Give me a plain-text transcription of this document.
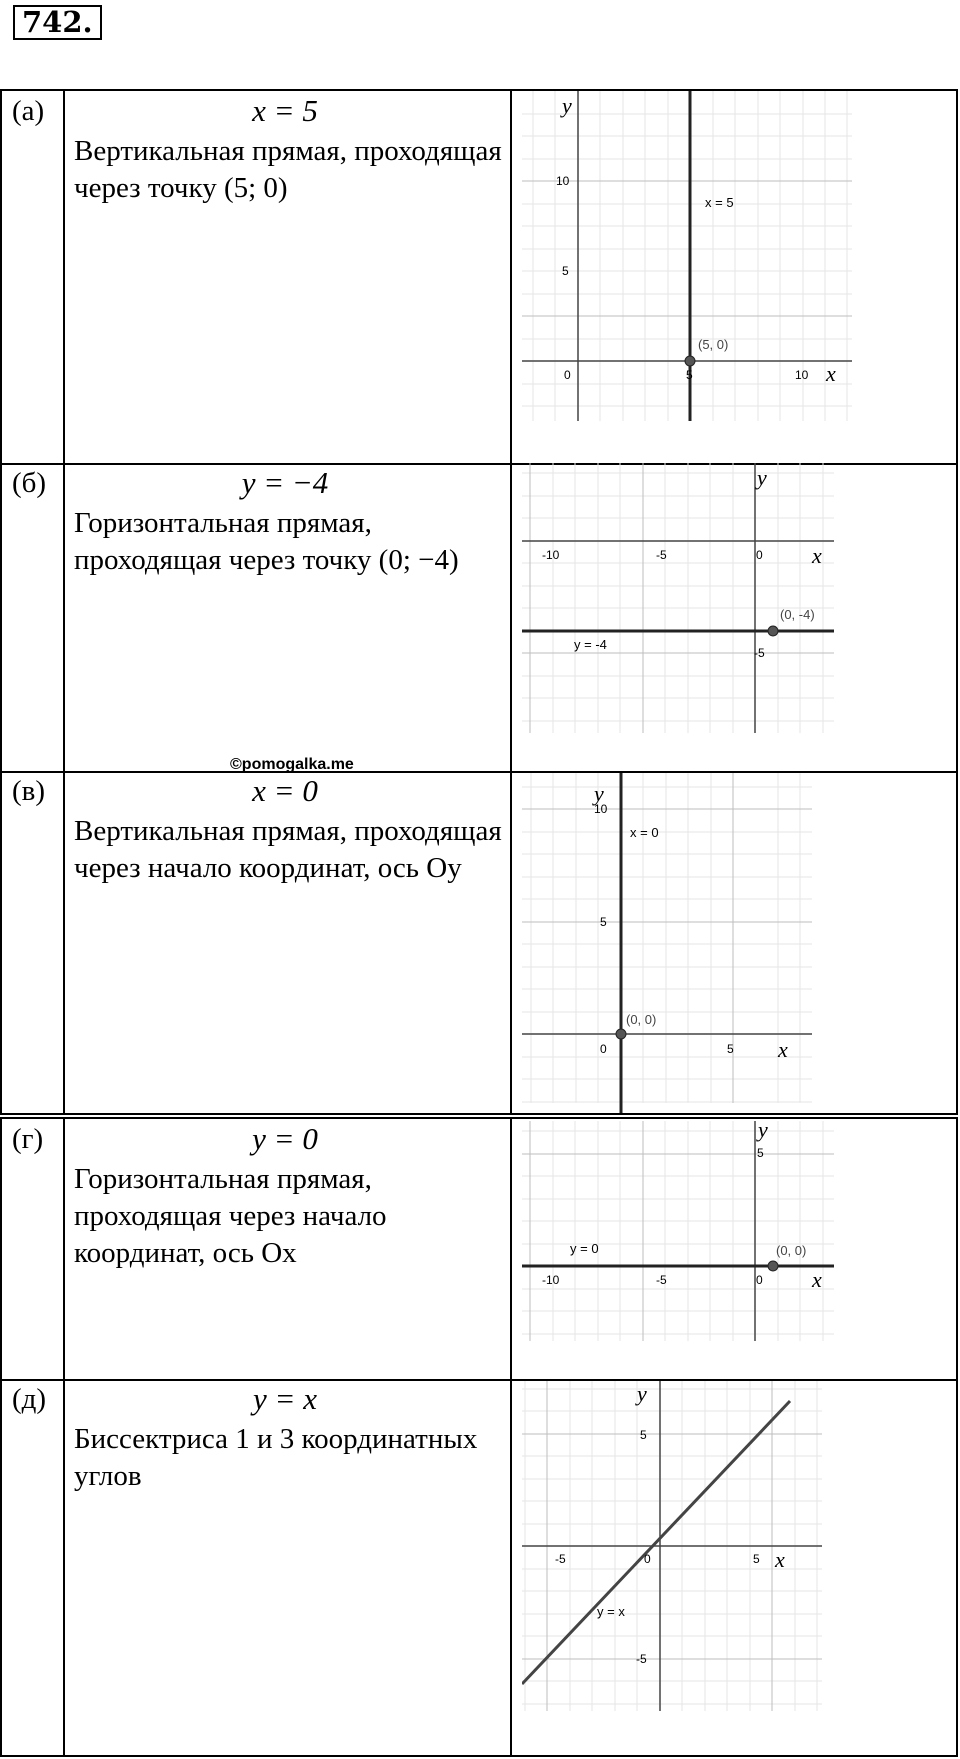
742.
(а)	x = 5
Вертикальная прямая, проходящая через точку (5; 0)
y
x
0	5	10
5
10
x = 5
(5, 0)
(б)	y = −4
Горизонтальная прямая, проходящая через точку (0; −4)
y
x
-10	-5	0
-5
y = -4
(0, -4)
(в)	x = 0
Вертикальная прямая, проходящая через начало координат, ось Oy
y
x
0	5
5
10
x = 0
(0, 0)
©pomogalka.me
(г)	y = 0
Горизонтальная прямая, проходящая через начало координат, ось Ox
y
x
-10	-5	0
5
y = 0	(0, 0)
(д)	y = x
Биссектриса 1 и 3 координатных углов
y
x
-5	0	5
5
-5
y = x
